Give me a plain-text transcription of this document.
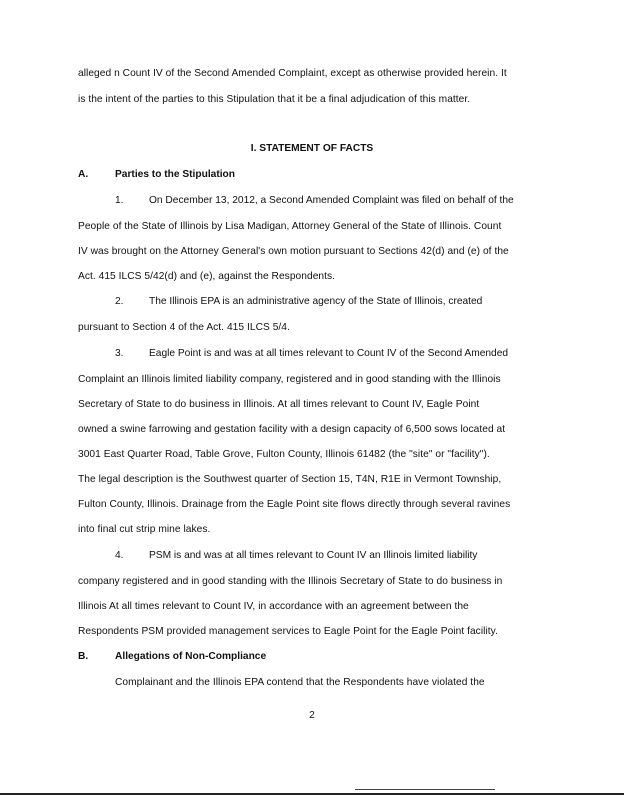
alleged n Count IV of the Second Amended Complaint, except as otherwise provided herein. It
is the intent of the parties to this Stipulation that it be a final adjudication of this matter.
I. STATEMENT OF FACTS
A.	Parties to the Stipulation
1.	On December 13, 2012, a Second Amended Complaint was filed on behalf of the
People of the State of Illinois by Lisa Madigan, Attorney General of the State of Illinois. Count
IV was brought on the Attorney General's own motion pursuant to Sections 42(d) and (e) of the
Act. 415 ILCS 5/42(d) and (e), against the Respondents.
2.	The Illinois EPA is an administrative agency of the State of Illinois, created
pursuant to Section 4 of the Act. 415 ILCS 5/4.
3.	Eagle Point is and was at all times relevant to Count IV of the Second Amended
Complaint an Illinois limited liability company, registered and in good standing with the Illinois
Secretary of State to do business in Illinois. At all times relevant to Count IV, Eagle Point
owned a swine farrowing and gestation facility with a design capacity of 6,500 sows located at
3001 East Quarter Road, Table Grove, Fulton County, Illinois 61482 (the "site" or "facility").
The legal description is the Southwest quarter of Section 15, T4N, R1E in Vermont Township,
Fulton County, Illinois. Drainage from the Eagle Point site flows directly through several ravines
into final cut strip mine lakes.
4.	PSM is and was at all times relevant to Count IV an Illinois limited liability
company registered and in good standing with the Illinois Secretary of State to do business in
Illinois At all times relevant to Count IV, in accordance with an agreement between the
Respondents PSM provided management services to Eagle Point for the Eagle Point facility.
B.	Allegations of Non-Compliance
Complainant and the Illinois EPA contend that the Respondents have violated the
2
